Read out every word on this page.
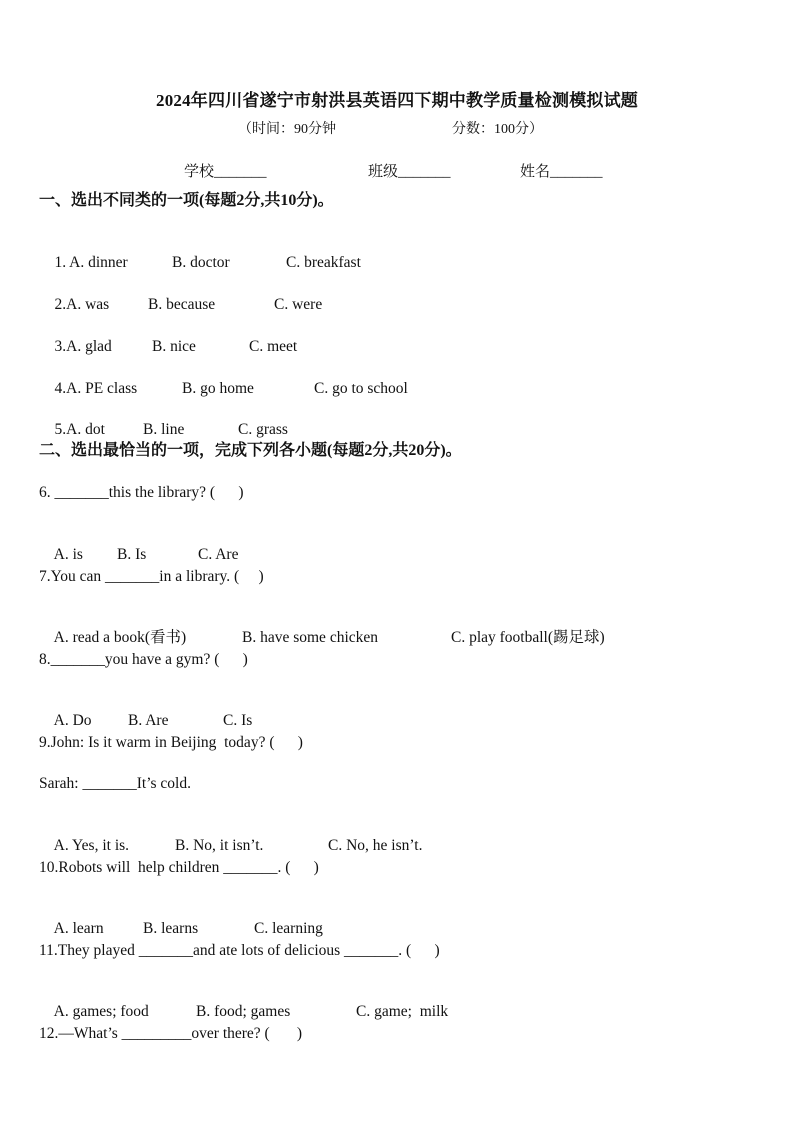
2024年四川省遂宁市射洪县英语四下期中教学质量检测模拟试题
（时间：90分钟	分数：100分）
学校_______	班级_______	姓名_______
一、选出不同类的一项(每题2分,共10分)。

1. A. dinner	B. doctor	C. breakfast

2.A. was	B. because	C. were

3.A. glad	B. nice	C. meet

4.A. PE class	B. go home	C. go to school

5.A. dot B. line	C. grass

二、选出最恰当的一项，完成下列各小题(每题2分,共20分)。
6. _______this the library? (      )

A. is B. Is	C. Are

7.You can _______in a library. (     )

A. read a book(看书)	B. have some chicken	C. play football(踢足球)

8._______you have a gym? (      )

A. Do B. Are	C. Is

9.John: Is it warm in Beijing  today? (      )
Sarah: _______It’s cold.

A. Yes, it is.	B. No, it isn’t.	C. No, he isn’t.

10.Robots will  help children _______. (      )

A. learn	B. learns	C. learning

11.They played _______and ate lots of delicious _______. (      )

A. games; food	B. food; games	C. game;  milk

12.—What’s _________over there? (       )
